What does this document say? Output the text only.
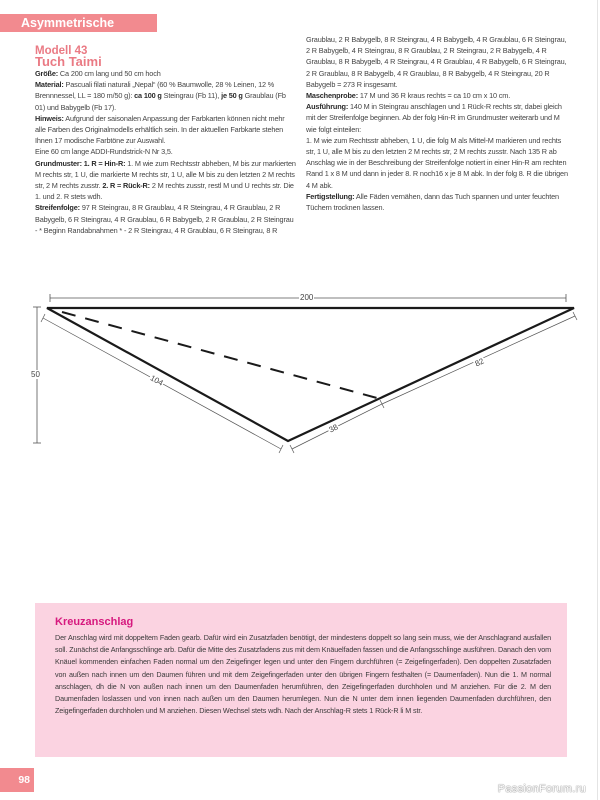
Asymmetrische Tücher
Modell 43
Tuch Taimi

Größe: Ca 200 cm lang und 50 cm hoch

Material: Pascuali filati naturali „Nepal“ (60 % Baumwolle, 28 % Leinen, 12 % Brennnessel, LL = 180 m/50 g): ca 100 g Steingrau (Fb 11), je 50 g Graublau (Fb 01) und Babygelb (Fb 17).

Hinweis: Aufgrund der saisonalen Anpassung der Farbkarten können nicht mehr alle Farben des Originalmodells erhältlich sein. In der aktuellen Farbkarte stehen Ihnen 17 modische Farbtöne zur Auswahl.

Eine 60 cm lange ADDI-Rundstrick-N Nr 3,5.

Grundmuster: 1. R = Hin-R: 1. M wie zum Rechtsstr abheben, M bis zur markierten M rechts str, 1 U, die markierte M rechts str, 1 U, alle M bis zu den letzten 2 M rechts str, 2 M rechts zusstr. 2. R = Rück-R: 2 M rechts zusstr, restl M und U rechts str. Die 1. und 2. R stets wdh.

Streifenfolge: 97 R Steingrau, 8 R Graublau, 4 R Steingrau, 4 R Graublau, 2 R Babygelb, 6 R Steingrau, 4 R Graublau, 6 R Babygelb, 2 R Graublau, 2 R Steingrau - * Beginn Randabnahmen * - 2 R Steingrau, 4 R Graublau, 6 R Steingrau, 8 R

Graublau, 2 R Babygelb, 8 R Steingrau, 4 R Babygelb, 4 R Graublau, 6 R Steingrau, 2 R Babygelb, 4 R Steingrau, 8 R Graublau, 2 R Steingrau, 2 R Babygelb, 4 R Graublau, 8 R Babygelb, 4 R Steingrau, 4 R Graublau, 4 R Babygelb, 6 R Steingrau, 2 R Graublau, 8 R Babygelb, 4 R Graublau, 8 R Babygelb, 4 R Steingrau, 20 R Babygelb = 273 R insgesamt.

Maschenprobe: 17 M und 36 R kraus rechts = ca 10 cm x 10 cm.

Ausführung: 140 M in Steingrau anschlagen und 1 Rück-R rechts str, dabei gleich mit der Streifenfolge beginnen. Ab der folg Hin-R im Grundmuster weiterarb und M wie folgt einteilen:

1. M wie zum Rechtsstr abheben, 1 U, die folg M als Mittel-M markieren und rechts str, 1 U, alle M bis zu den letzten 2 M rechts str, 2 M rechts zusstr. Nach 135 R ab Anschlag wie in der Beschreibung der Streifenfolge notiert in einer Hin-R am rechten Rand 1 x 8 M und dann in jeder 8. R noch16 x je 8 M abk. In der folg 8. R die übrigen 4 M abk.

Fertigstellung: Alle Fäden vernähen, dann das Tuch spannen und unter feuchten Tüchern trocknen lassen.

200
50	104
38
82
Kreuzanschlag
Der Anschlag wird mit doppeltem Faden gearb. Dafür wird ein Zusatzfaden benötigt, der mindestens doppelt so lang sein muss, wie der Anschlagrand ausfallen soll. Zunächst die Anfangsschlinge arb. Dafür die Mitte des Zusatzfadens zus mit dem Knäuelfaden fassen und die Anfangsschlinge ausführen. Danach den vom Knäuel kommenden einfachen Faden normal um den Zeigefinger legen und unter den Fingern durchführen (= Zeigefingerfaden). Den doppelten Zusatzfaden von außen nach innen um den Daumen führen und mit dem Zeigefingerfaden unter den übrigen Fingern festhalten (= Daumenfaden). Nun die 1. M normal anschlagen, dh die N von außen nach innen um den Daumenfaden herumführen, den Zeigefingerfaden durchholen und M anziehen. Für die 2. M den Daumenfaden loslassen und von innen nach außen um den Daumen herumlegen. Nun die N unter dem innen liegenden Daumenfaden durchführen, den Zeigefingerfaden durchholen und M anziehen. Diesen Wechsel stets wdh. Nach der Anschlag-R stets 1 Rück-R li M str.
98
PassionForum.ru
